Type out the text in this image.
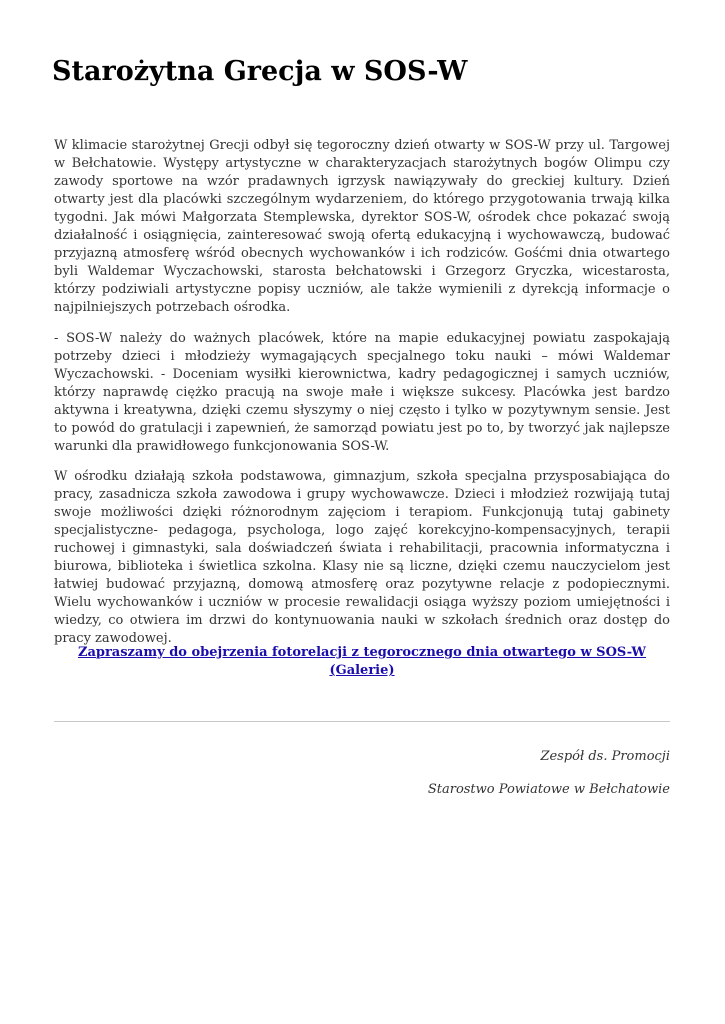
Starożytna Grecja w SOS-W

W klimacie starożytnej Grecji odbył się tegoroczny dzień otwarty w SOS-W przy ul. Targowej w Bełchatowie. Występy artystyczne w charakteryzacjach starożytnych bogów Olimpu czy zawody sportowe na wzór pradawnych igrzysk nawiązywały do greckiej kultury. Dzień otwarty jest dla placówki szczególnym wydarzeniem, do którego przygotowania trwają kilka tygodni. Jak mówi Małgorzata Stemplewska, dyrektor SOS-W, ośrodek chce pokazać swoją działalność i osiągnięcia, zainteresować swoją ofertą edukacyjną i wychowawczą, budować przyjazną atmosferę wśród obecnych wychowanków i ich rodziców. Gośćmi dnia otwartego byli Waldemar Wyczachowski, starosta bełchatowski i Grzegorz Gryczka, wicestarosta, którzy podziwiali artystyczne popisy uczniów, ale także wymienili z dyrekcją informacje o najpilniejszych potrzebach ośrodka.

- SOS-W należy do ważnych placówek, które na mapie edukacyjnej powiatu zaspokajają potrzeby dzieci i młodzieży wymagających specjalnego toku nauki – mówi Waldemar Wyczachowski. - Doceniam wysiłki kierownictwa, kadry pedagogicznej i samych uczniów, którzy naprawdę ciężko pracują na swoje małe i większe sukcesy. Placówka jest bardzo aktywna i kreatywna, dzięki czemu słyszymy o niej często i tylko w pozytywnym sensie. Jest to powód do gratulacji i zapewnień, że samorząd powiatu jest po to, by tworzyć jak najlepsze warunki dla prawidłowego funkcjonowania SOS-W.

W ośrodku działają szkoła podstawowa, gimnazjum, szkoła specjalna przysposabiająca do pracy, zasadnicza szkoła zawodowa i grupy wychowawcze. Dzieci i młodzież rozwijają tutaj swoje możliwości dzięki różnorodnym zajęciom i terapiom. Funkcjonują tutaj gabinety specjalistyczne- pedagoga, psychologa, logo zajęć korekcyjno-kompensacyjnych, terapii ruchowej i gimnastyki, sala doświadczeń świata i rehabilitacji, pracownia informatyczna i biurowa, biblioteka i świetlica szkolna. Klasy nie są liczne, dzięki czemu nauczycielom jest łatwiej budować przyjazną, domową atmosferę oraz pozytywne relacje z podopiecznymi. Wielu wychowanków i uczniów w procesie rewalidacji osiąga wyższy poziom umiejętności i wiedzy, co otwiera im drzwi do kontynuowania nauki w szkołach średnich oraz dostęp do pracy zawodowej.

Zapraszamy do obejrzenia fotorelacji z tegorocznego dnia otwartego w SOS-W (Galerie)
Zespół ds. Promocji
Starostwo Powiatowe w Bełchatowie
